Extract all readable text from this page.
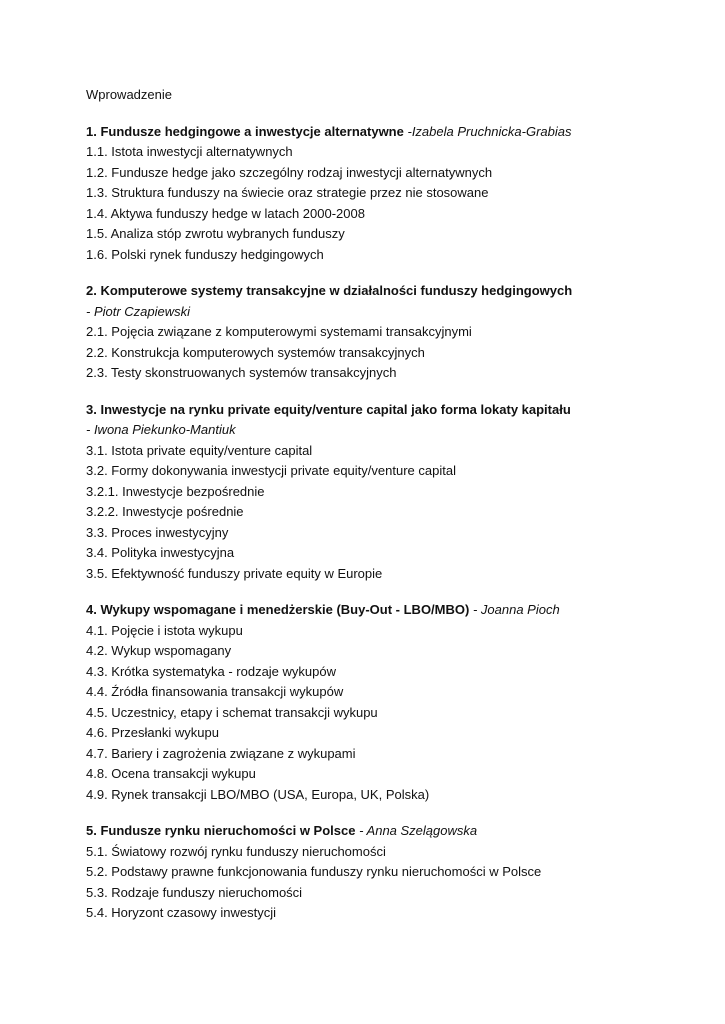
Wprowadzenie
1. Fundusze hedgingowe a inwestycje alternatywne -Izabela Pruchnicka-Grabias
1.1. Istota inwestycji alternatywnych
1.2. Fundusze hedge jako szczególny rodzaj inwestycji alternatywnych
1.3. Struktura funduszy na świecie oraz strategie przez nie stosowane
1.4. Aktywa funduszy hedge w latach 2000-2008
1.5. Analiza stóp zwrotu wybranych funduszy
1.6. Polski rynek funduszy hedgingowych
2. Komputerowe systemy transakcyjne w działalności funduszy hedgingowych
- Piotr Czapiewski
2.1. Pojęcia związane z komputerowymi systemami transakcyjnymi
2.2. Konstrukcja komputerowych systemów transakcyjnych
2.3. Testy skonstruowanych systemów transakcyjnych
3. Inwestycje na rynku private equity/venture capital jako forma lokaty kapitału
- Iwona Piekunko-Mantiuk
3.1. Istota private equity/venture capital
3.2. Formy dokonywania inwestycji private equity/venture capital
3.2.1. Inwestycje bezpośrednie
3.2.2. Inwestycje pośrednie
3.3. Proces inwestycyjny
3.4. Polityka inwestycyjna
3.5. Efektywność funduszy private equity w Europie
4. Wykupy wspomagane i menedżerskie (Buy-Out - LBO/MBO) - Joanna Pioch
4.1. Pojęcie i istota wykupu
4.2. Wykup wspomagany
4.3. Krótka systematyka - rodzaje wykupów
4.4. Źródła finansowania transakcji wykupów
4.5. Uczestnicy, etapy i schemat transakcji wykupu
4.6. Przesłanki wykupu
4.7. Bariery i zagrożenia związane z wykupami
4.8. Ocena transakcji wykupu
4.9. Rynek transakcji LBO/MBO (USA, Europa, UK, Polska)
5. Fundusze rynku nieruchomości w Polsce - Anna Szelągowska
5.1. Światowy rozwój rynku funduszy nieruchomości
5.2. Podstawy prawne funkcjonowania funduszy rynku nieruchomości w Polsce
5.3. Rodzaje funduszy nieruchomości
5.4. Horyzont czasowy inwestycji
